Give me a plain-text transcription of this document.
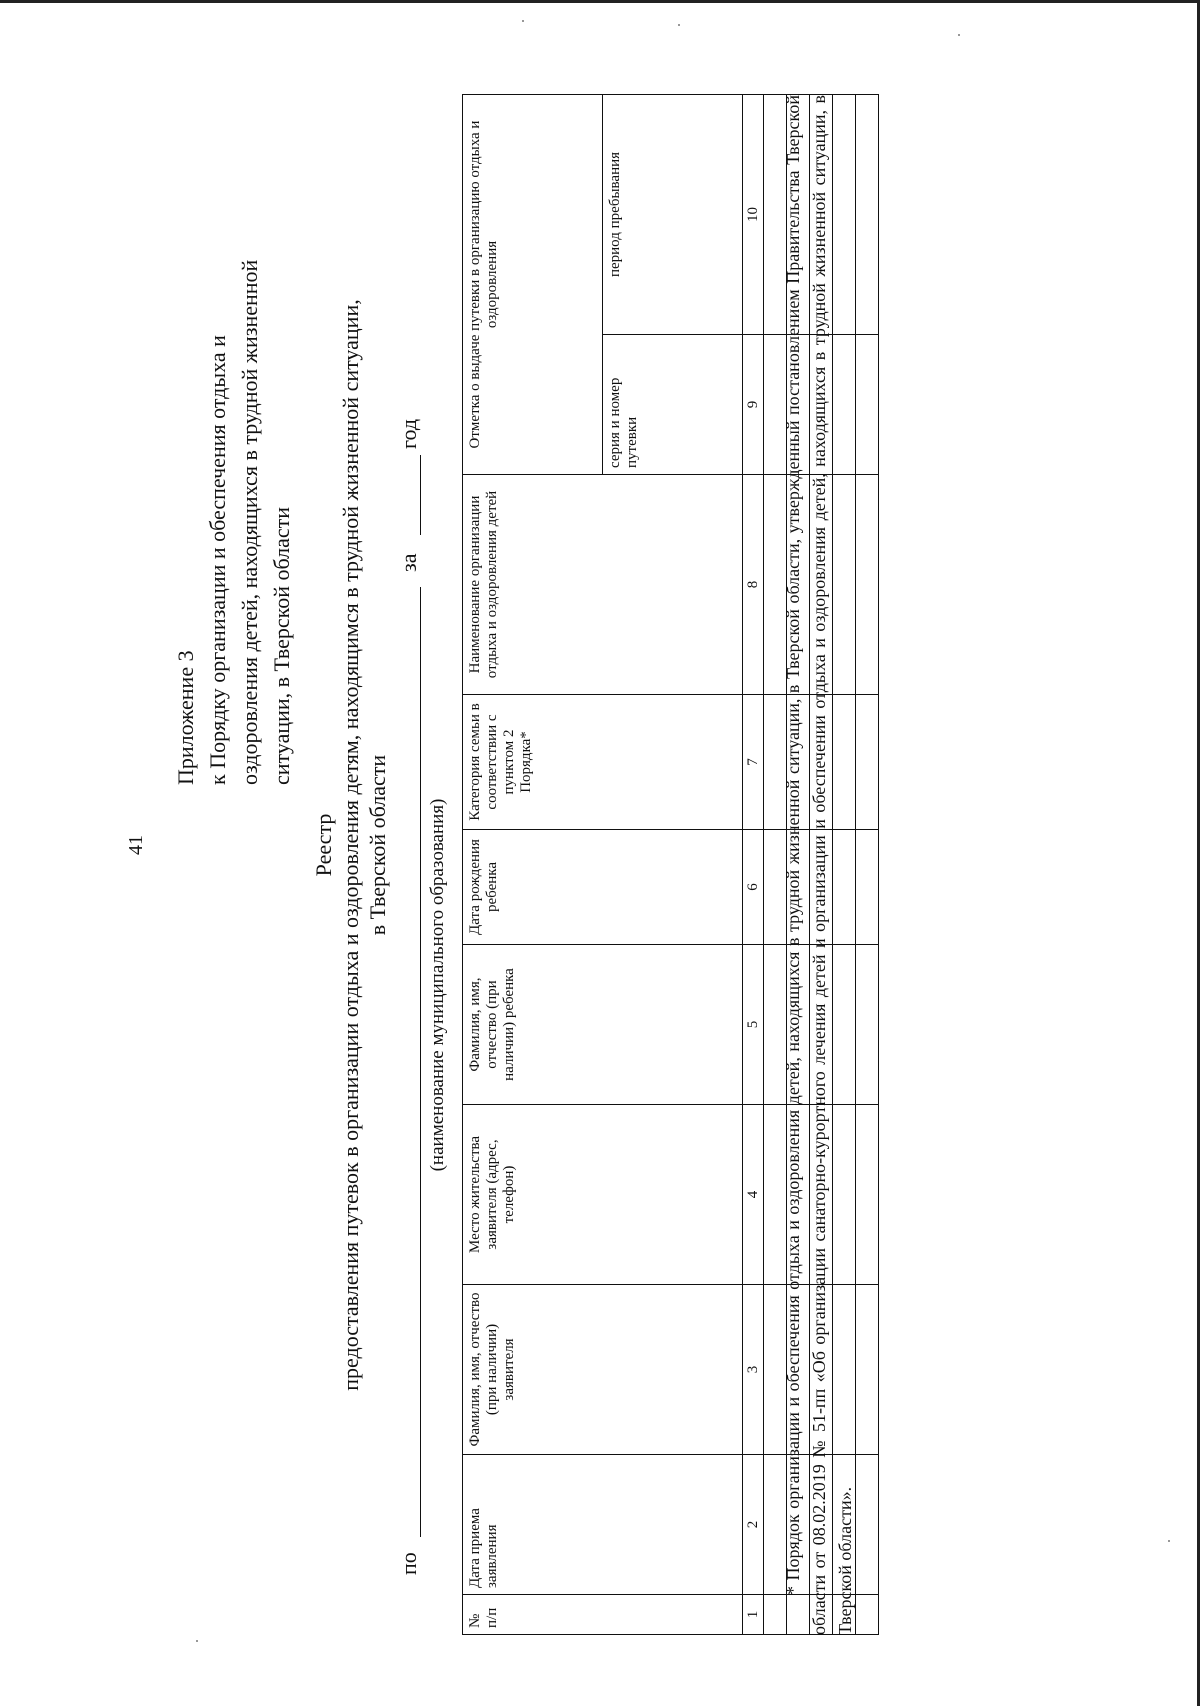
41
Приложение 3 к Порядку организации и обеспечения отдыха и оздоровления детей, находящихся в трудной жизненной ситуации, в Тверской области
Реестр предоставления путевок в организации отдыха и оздоровления детям, находящимся в трудной жизненной ситуации, в Тверской области
по
за
год
(наименование муниципального образования)
№ п/п	Дата приема заявления	Фамилия, имя, отчество (при наличии) заявителя	Место жительства заявителя (адрес, телефон)	Фамилия, имя, отчество (при наличии) ребенка	Дата рождения ребенка	Категория семьи в соответствии с пунктом 2 Порядка*	Наименование организации отдыха и оздоровления детей	Отметка о выдаче путевки в организацию отдыха и оздоровления	
								серия и номер путевки	период пребывания
1	2	3	4	5	6	7	8	9	10

									* Порядок организации и обеспечения отдыха и оздоровления детей, находящихся в трудной жизненной ситуации, в Тверской области, утвержденный постановлением Правительства Тверской области от 08.02.2019 № 51-пп «Об организации санаторно-курортного лечения детей и организации и обеспечении отдыха и оздоровления детей, находящихся в трудной жизненной ситуации, в Тверской области».
